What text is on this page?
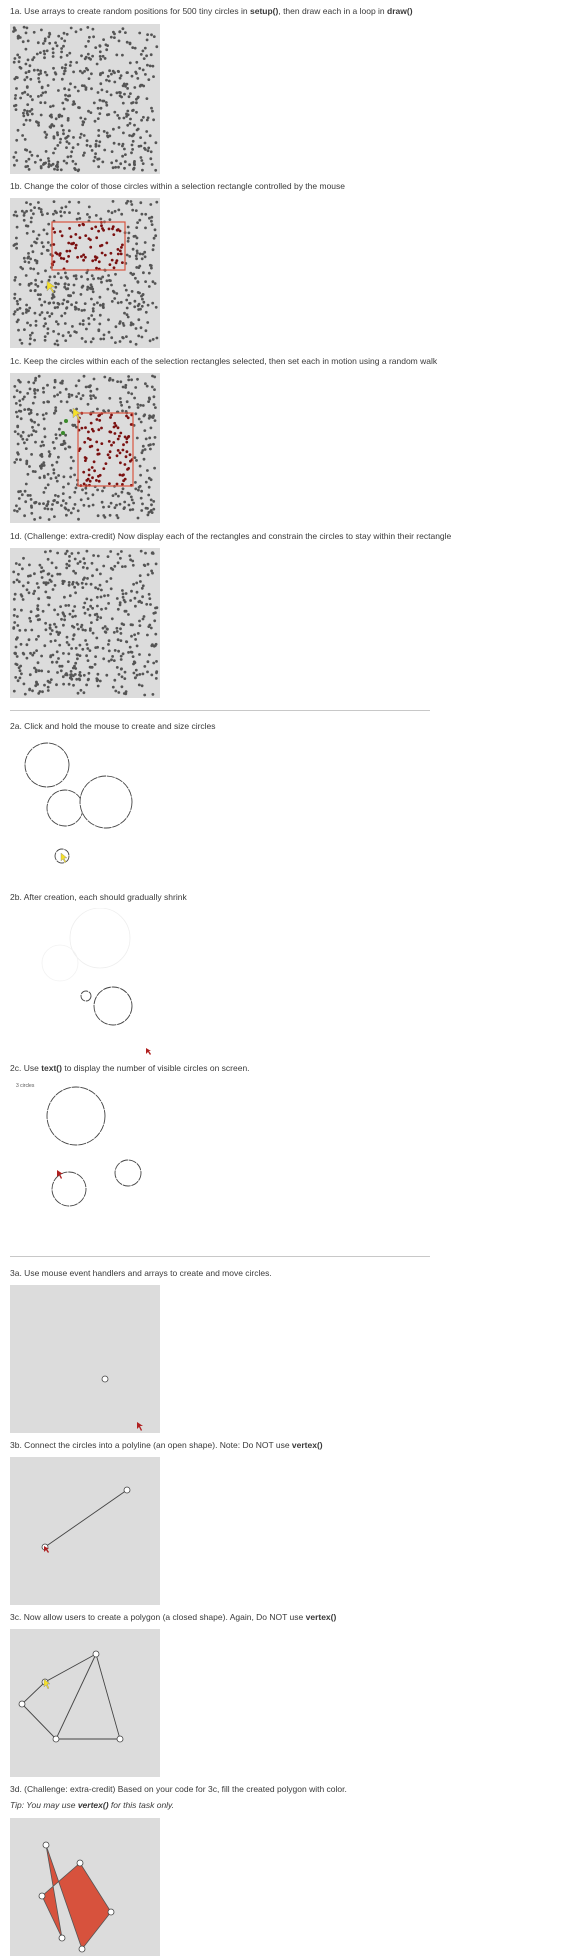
1a. Use arrays to create random positions for 500 tiny circles in setup(), then draw each in a loop in draw()
1b. Change the color of those circles within a selection rectangle controlled by the mouse
1c. Keep the circles within each of the selection rectangles selected, then set each in motion using a random walk
1d. (Challenge: extra-credit) Now display each of the rectangles and constrain the circles to stay within their rectangle
2a. Click and hold the mouse to create and size circles
2b. After creation, each should gradually shrink
2c. Use text() to display the number of visible circles on screen.
3 circles
3a. Use mouse event handlers and arrays to create and move circles.
3b. Connect the circles into a polyline (an open shape). Note: Do NOT use vertex()
3c. Now allow users to create a polygon (a closed shape). Again, Do NOT use vertex()
3d. (Challenge: extra-credit) Based on your code for 3c, fill the created polygon with color.
Tip: You may use vertex() for this task only.
